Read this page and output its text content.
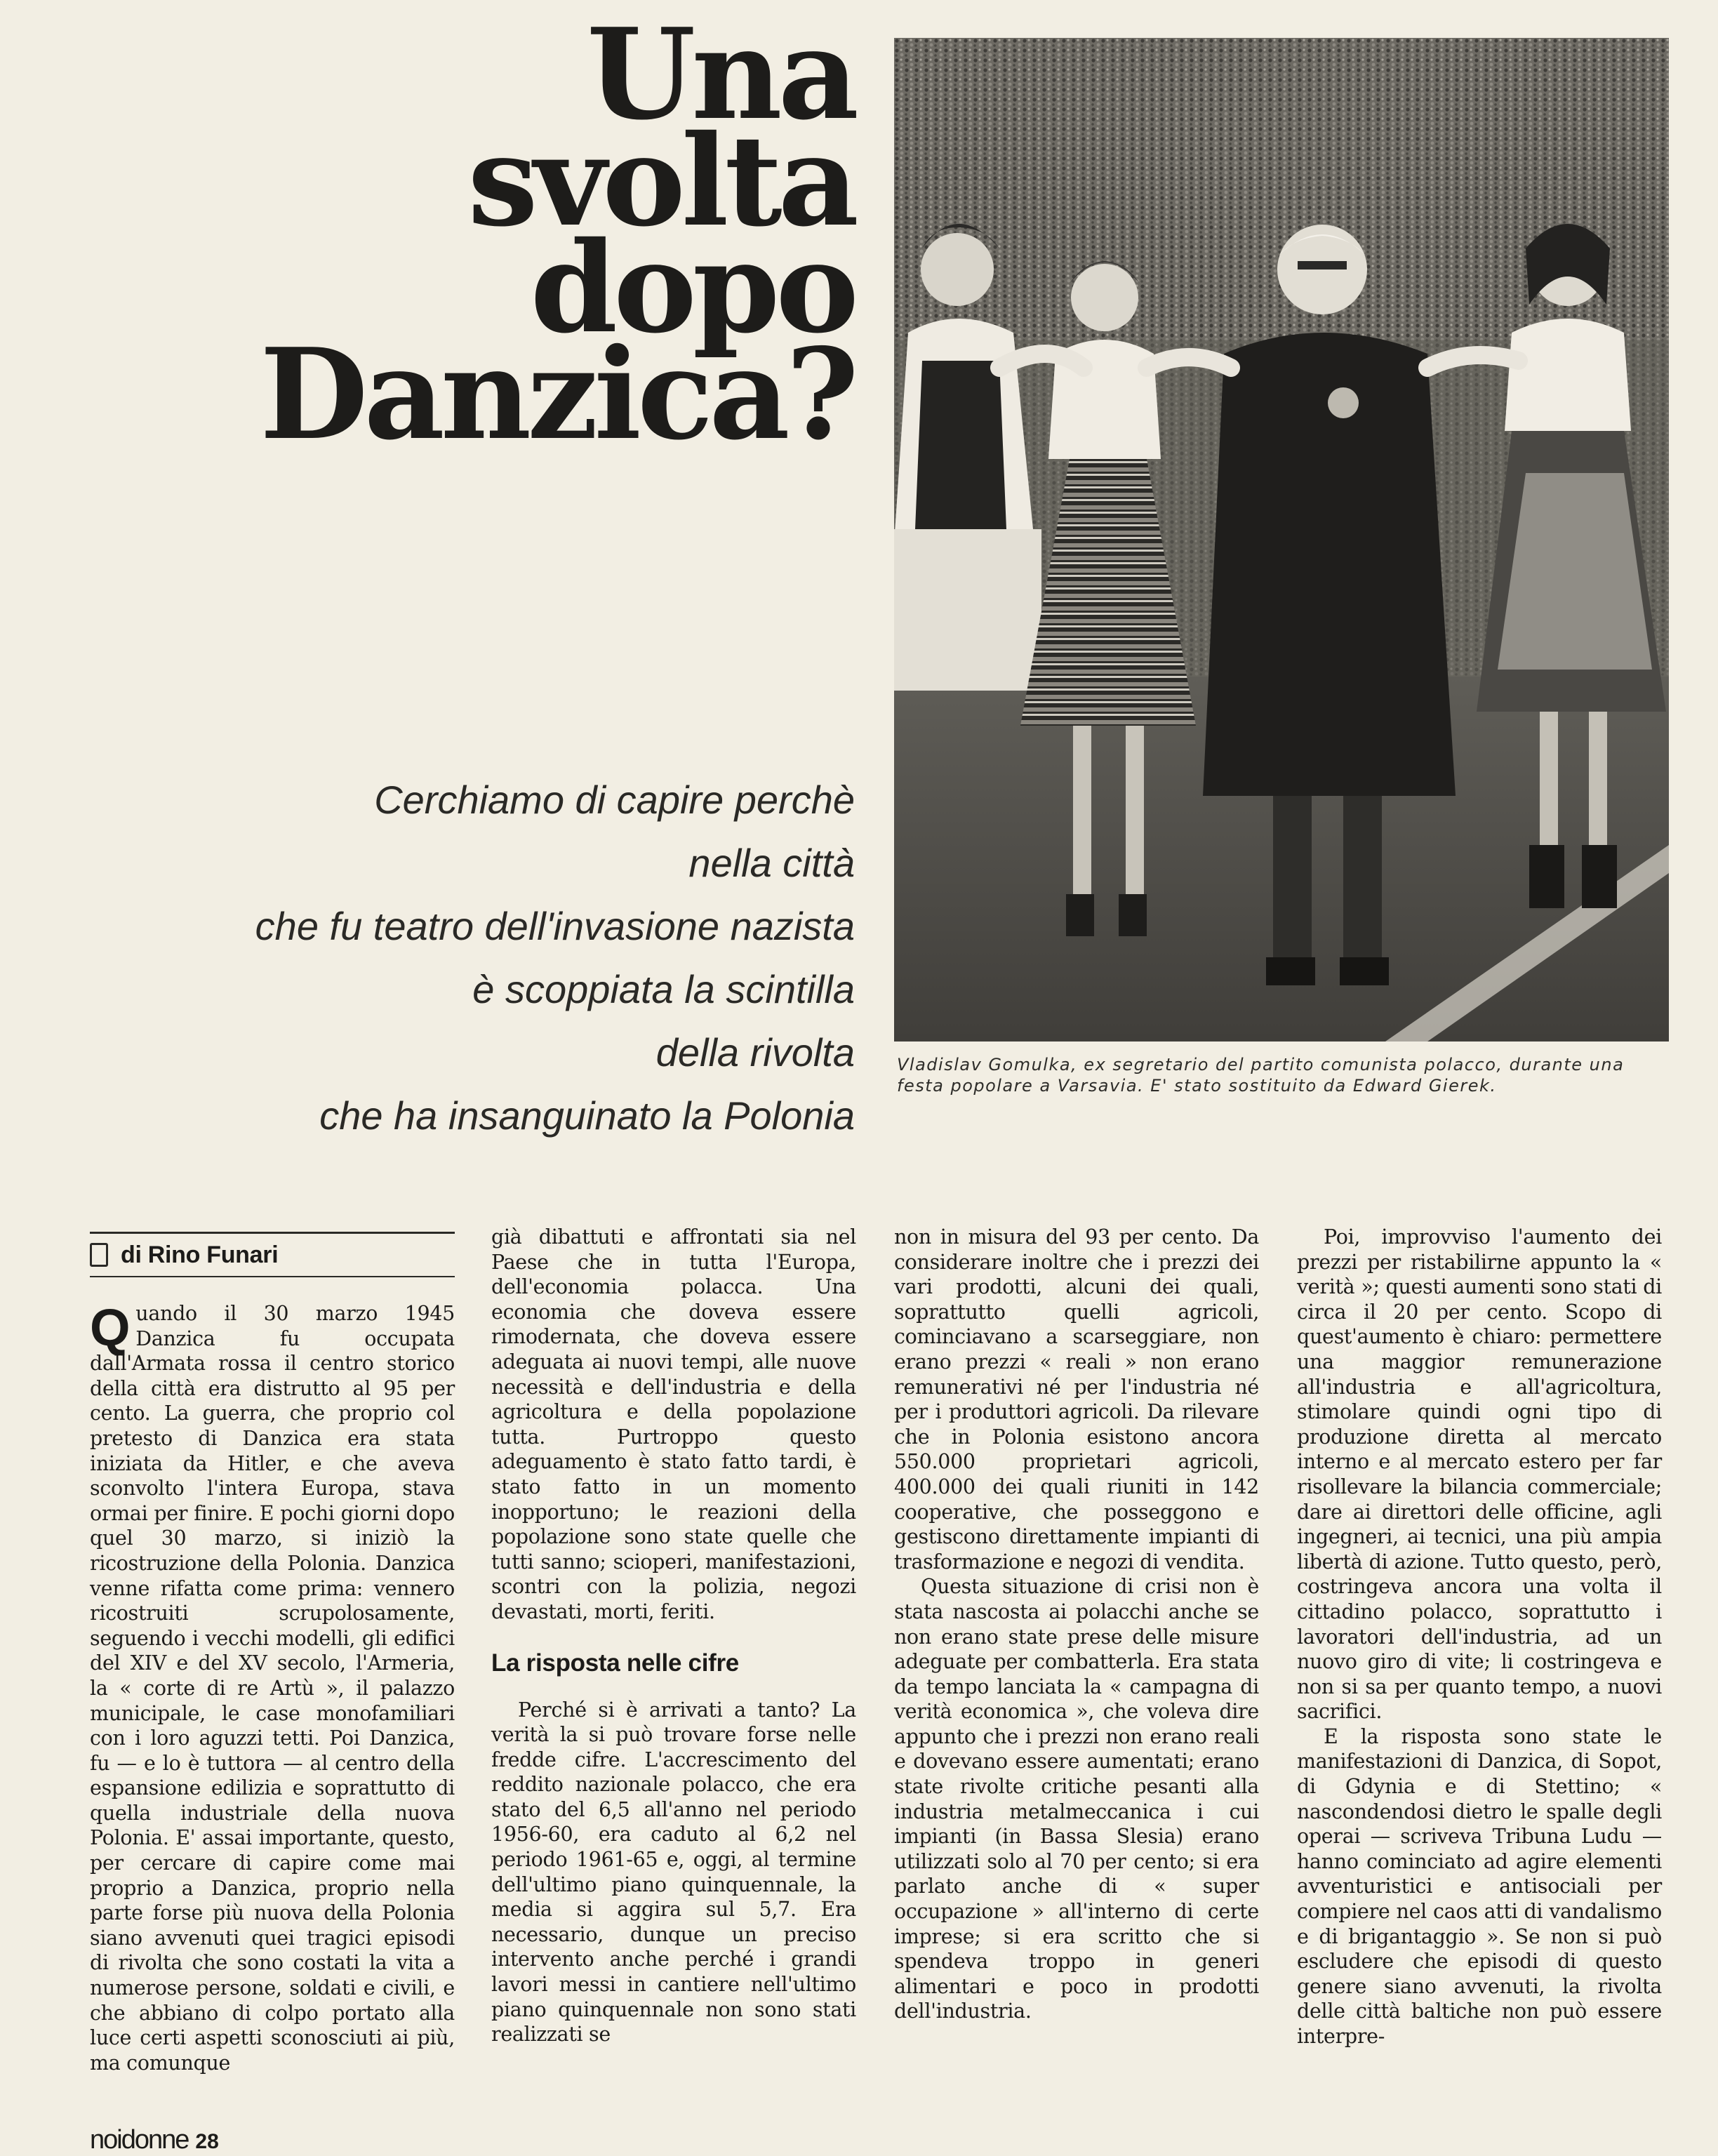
Una
svolta
dopo
Danzica?
Cerchiamo di capire perchè
nella città
che fu teatro dell'invasione nazista
è scoppiata la scintilla
della rivolta
che ha insanguinato la Polonia
Vladislav Gomulka, ex segretario del partito comunista polacco, durante una festa popolare a Varsavia. E' stato sostituito da Edward Gierek.
di Rino Funari

Quando il 30 marzo 1945 Danzica fu occupata dall'Armata rossa il centro storico della città era distrutto al 95 per cento. La guerra, che proprio col pretesto di Danzica era stata iniziata da Hitler, e che aveva sconvolto l'intera Europa, stava ormai per finire. E pochi giorni dopo quel 30 marzo, si iniziò la ricostruzione della Polonia. Danzica venne rifatta come prima: vennero ricostruiti scrupolosamente, seguendo i vecchi modelli, gli edifici del XIV e del XV secolo, l'Armeria, la « corte di re Artù », il palazzo municipale, le case monofamiliari con i loro aguzzi tetti. Poi Danzica, fu — e lo è tuttora — al centro della espansione edilizia e soprattutto di quella industriale della nuova Polonia. E' assai importante, questo, per cercare di capire come mai proprio a Danzica, proprio nella parte forse più nuova della Polonia siano avvenuti quei tragici episodi di rivolta che sono costati la vita a numerose persone, soldati e civili, e che abbiano di colpo portato alla luce certi aspetti sconosciuti ai più, ma comunque

già dibattuti e affrontati sia nel Paese che in tutta l'Europa, dell'economia polacca. Una economia che doveva essere rimodernata, che doveva essere adeguata ai nuovi tempi, alle nuove necessità e dell'industria e della agricoltura e della popolazione tutta. Purtroppo questo adeguamento è stato fatto tardi, è stato fatto in un momento inopportuno; le reazioni della popolazione sono state quelle che tutti sanno; scioperi, manifestazioni, scontri con la polizia, negozi devastati, morti, feriti.

La risposta nelle cifre

Perché si è arrivati a tanto? La verità la si può trovare forse nelle fredde cifre. L'accrescimento del reddito nazionale polacco, che era stato del 6,5 all'anno nel periodo 1956-60, era caduto al 6,2 nel periodo 1961-65 e, oggi, al termine dell'ultimo piano quinquennale, la media si aggira sul 5,7. Era necessario, dunque un preciso intervento anche perché i grandi lavori messi in cantiere nell'ultimo piano quinquennale non sono stati realizzati se

non in misura del 93 per cento. Da considerare inoltre che i prezzi dei vari prodotti, alcuni dei quali, soprattutto quelli agricoli, cominciavano a scarseggiare, non erano prezzi « reali » non erano remunerativi né per l'industria né per i produttori agricoli. Da rilevare che in Polonia esistono ancora 550.000 proprietari agricoli, 400.000 dei quali riuniti in 142 cooperative, che posseggono e gestiscono direttamente impianti di trasformazione e negozi di vendita.

Questa situazione di crisi non è stata nascosta ai polacchi anche se non erano state prese delle misure adeguate per combatterla. Era stata da tempo lanciata la « campagna di verità economica », che voleva dire appunto che i prezzi non erano reali e dovevano essere aumentati; erano state rivolte critiche pesanti alla industria metalmeccanica i cui impianti (in Bassa Slesia) erano utilizzati solo al 70 per cento; si era parlato anche di « super occupazione » all'interno di certe imprese; si era scritto che si spendeva troppo in generi alimentari e poco in prodotti dell'industria.

Poi, improvviso l'aumento dei prezzi per ristabilirne appunto la « verità »; questi aumenti sono stati di circa il 20 per cento. Scopo di quest'aumento è chiaro: permettere una maggior remunerazione all'industria e all'agricoltura, stimolare quindi ogni tipo di produzione diretta al mercato interno e al mercato estero per far risollevare la bilancia commerciale; dare ai direttori delle officine, agli ingegneri, ai tecnici, una più ampia libertà di azione. Tutto questo, però, costringeva ancora una volta il cittadino polacco, soprattutto i lavoratori dell'industria, ad un nuovo giro di vite; li costringeva e non si sa per quanto tempo, a nuovi sacrifici.

E la risposta sono state le manifestazioni di Danzica, di Sopot, di Gdynia e di Stettino; « nascondendosi dietro le spalle degli operai — scriveva Tribuna Ludu — hanno cominciato ad agire elementi avventuristici e antisociali per compiere nel caos atti di vandalismo e di brigantaggio ». Se non si può escludere che episodi di questo genere siano avvenuti, la rivolta delle città baltiche non può essere interpre-

noidonne 28
